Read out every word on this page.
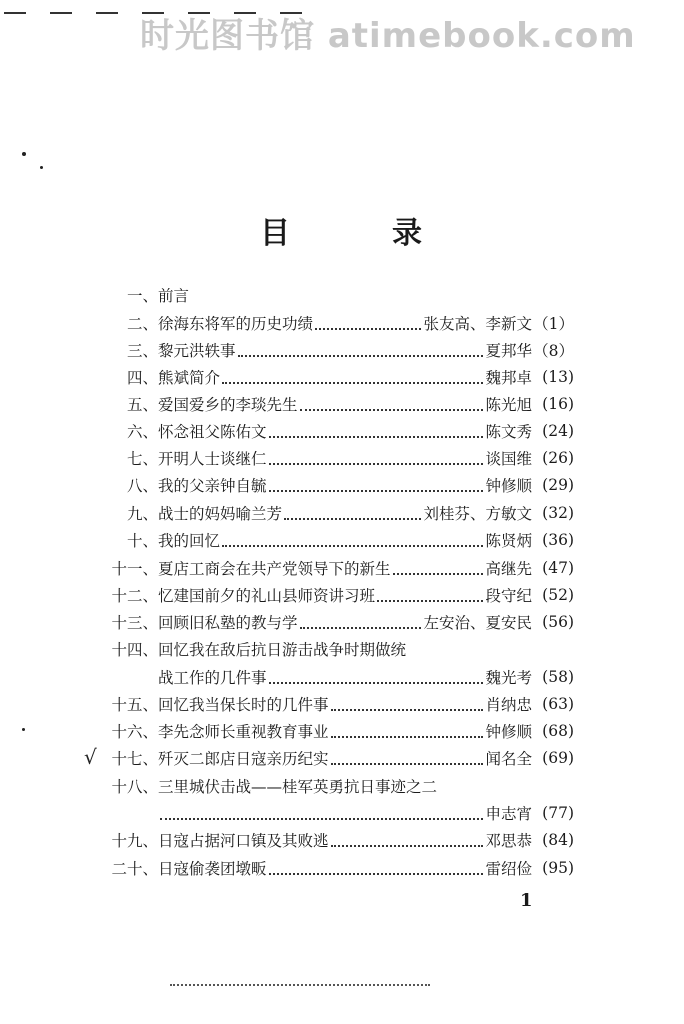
时光图书馆 atimebook.com
目	录
√
一、 前言
二、 徐海东将军的历史功绩	张友高、李新文 （1）
三、 黎元洪轶事	夏邦华 （8）
四、 熊斌简介	魏邦卓 (13)
五、 爱国爱乡的李琰先生	陈光旭 (16)
六、 怀念祖父陈佑文	陈文秀 (24)
七、 开明人士谈继仁	谈国维 (26)
八、 我的父亲钟自毓	钟修顺 (29)
九、 战士的妈妈喻兰芳	刘桂芬、方敏文 (32)
十、 我的回忆	陈贤炳 (36)
十一、 夏店工商会在共产党领导下的新生	高继先 (47)
十二、 忆建国前夕的礼山县师资讲习班	段守纪 (52)
十三、 回顾旧私塾的教与学	左安治、夏安民 (56)
十四、 回忆我在敌后抗日游击战争时期做统
战工作的几件事	魏光考 (58)
十五、 回忆我当保长时的几件事	肖纳忠 (63)
十六、 李先念师长重视教育事业	钟修顺 (68)
十七、 歼灭二郎店日寇亲历纪实	闻名全 (69)
十八、 三里城伏击战——桂军英勇抗日事迹之二
申志宵 (77)
十九、 日寇占据河口镇及其败逃	邓思恭 (84)
二十、 日寇偷袭团墩畈	雷绍俭 (95)
1
